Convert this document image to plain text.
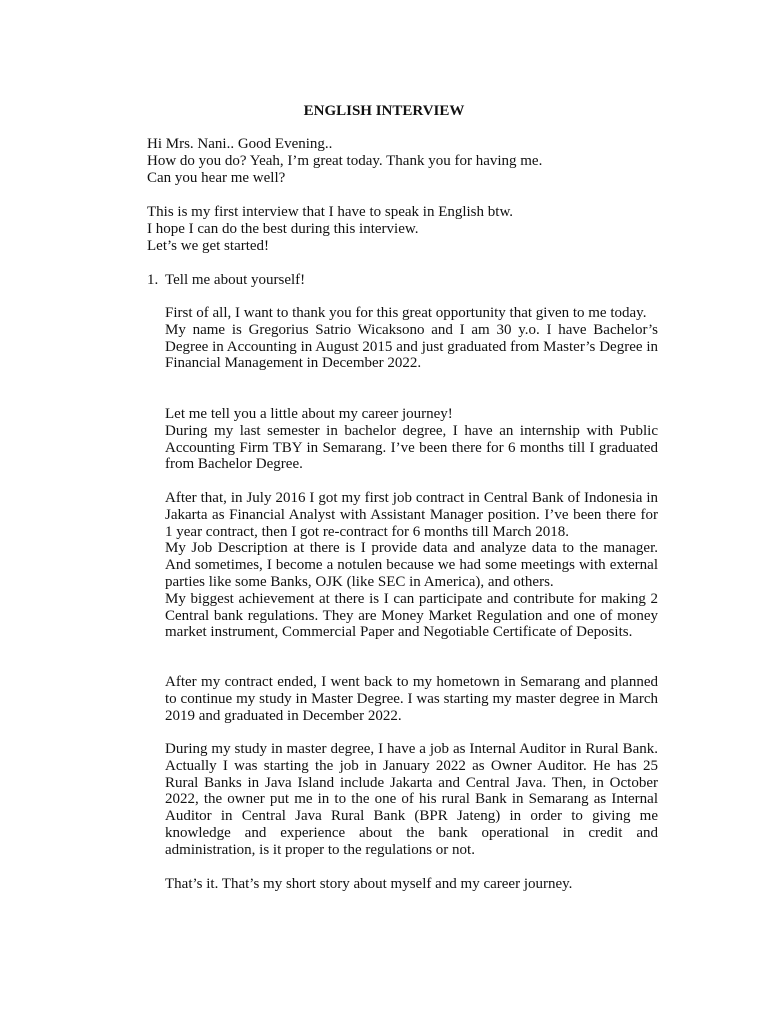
ENGLISH INTERVIEW

Hi Mrs. Nani.. Good Evening..

How do you do? Yeah, I’m great today. Thank you for having me.

Can you hear me well?

This is my first interview that I have to speak in English btw.

I hope I can do the best during this interview.

Let’s we get started!

1. Tell me about yourself!

First of all, I want to thank you for this great opportunity that given to me today.

My name is Gregorius Satrio Wicaksono and I am 30 y.o. I have Bachelor’s Degree in Accounting in August 2015 and just graduated from Master’s Degree in Financial Management in December 2022.

Let me tell you a little about my career journey!

During my last semester in bachelor degree, I have an internship with Public Accounting Firm TBY in Semarang. I’ve been there for 6 months till I graduated from Bachelor Degree.

After that, in July 2016 I got my first job contract in Central Bank of Indonesia in Jakarta as Financial Analyst with Assistant Manager position. I’ve been there for 1 year contract, then I got re-contract for 6 months till March 2018.

My Job Description at there is I provide data and analyze data to the manager. And sometimes, I become a notulen because we had some meetings with external parties like some Banks, OJK (like SEC in America), and others.

My biggest achievement at there is I can participate and contribute for making 2 Central bank regulations. They are Money Market Regulation and one of money market instrument, Commercial Paper and Negotiable Certificate of Deposits.

After my contract ended, I went back to my hometown in Semarang and planned to continue my study in Master Degree. I was starting my master degree in March 2019 and graduated in December 2022.

During my study in master degree, I have a job as Internal Auditor in Rural Bank. Actually I was starting the job in January 2022 as Owner Auditor. He has 25 Rural Banks in Java Island include Jakarta and Central Java. Then, in October 2022, the owner put me in to the one of his rural Bank in Semarang as Internal Auditor in Central Java Rural Bank (BPR Jateng) in order to giving me knowledge and experience about the bank operational in credit and administration, is it proper to the regulations or not.

That’s it. That’s my short story about myself and my career journey.
